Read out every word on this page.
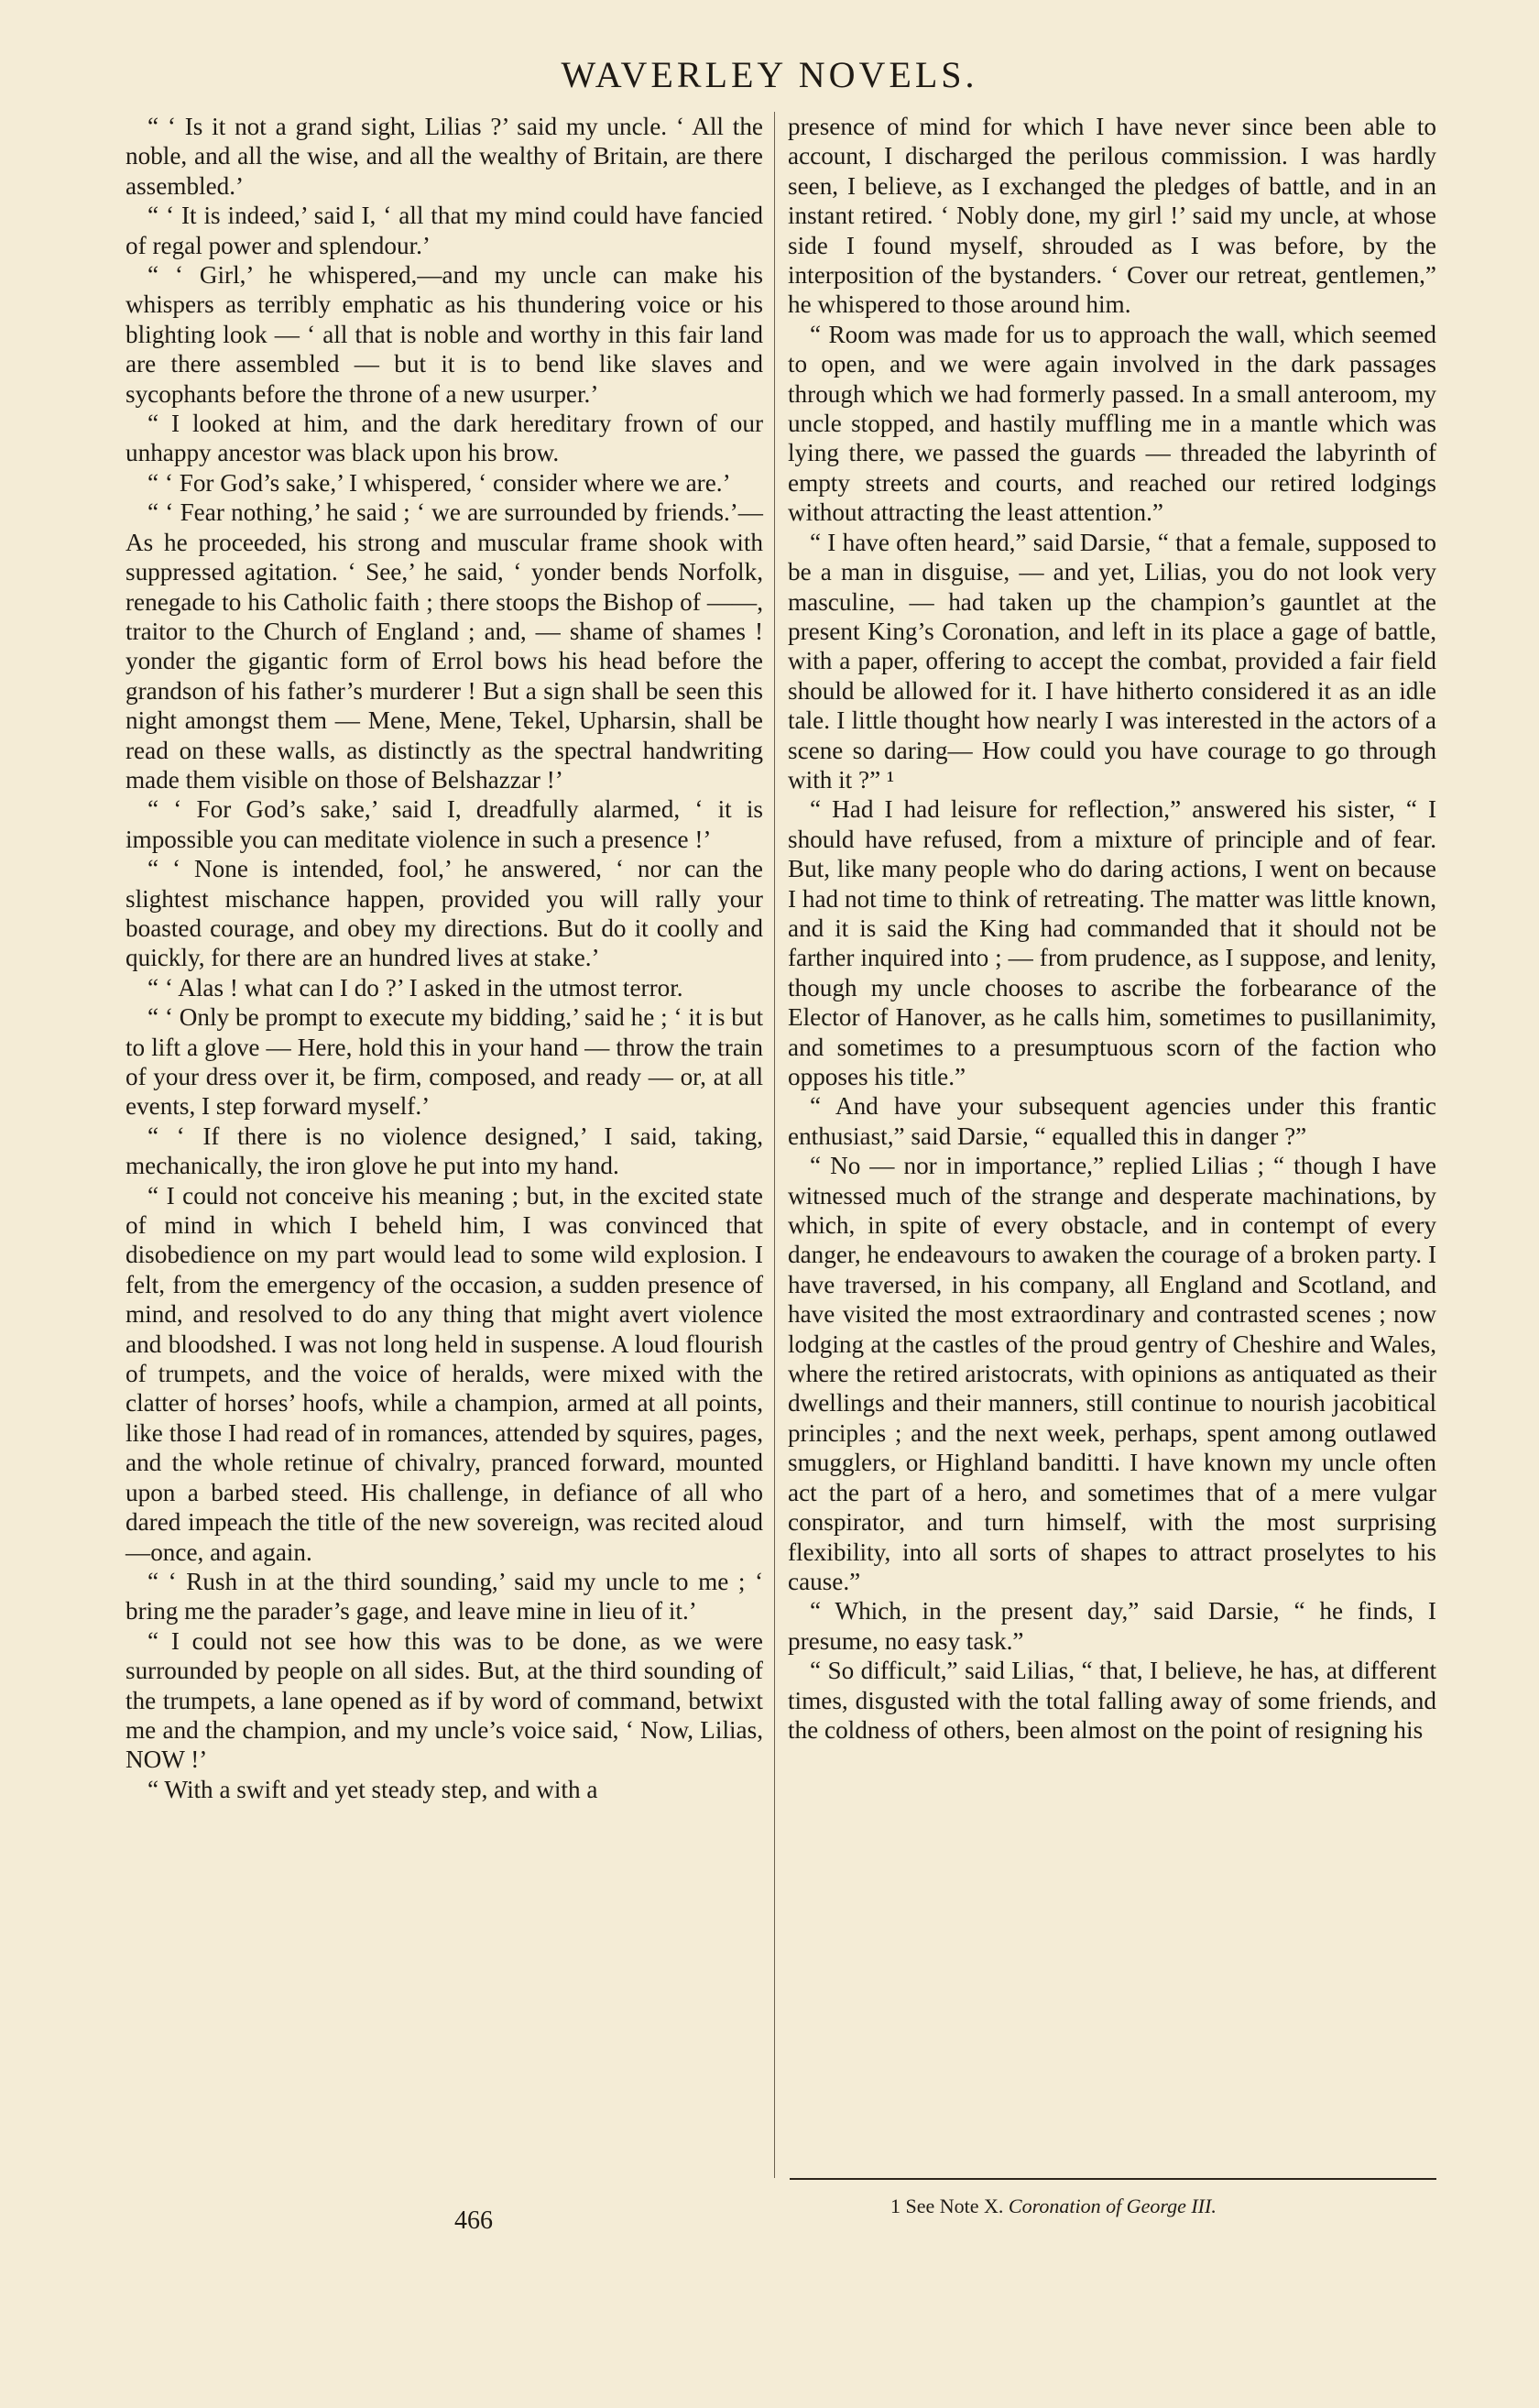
WAVERLEY NOVELS.

“ ‘ Is it not a grand sight, Lilias ?’ said my uncle. ‘ All the noble, and all the wise, and all the wealthy of Britain, are there assembled.’

“ ‘ It is indeed,’ said I, ‘ all that my mind could have fancied of regal power and splendour.’

“ ‘ Girl,’ he whispered,—and my uncle can make his whispers as terribly emphatic as his thundering voice or his blighting look — ‘ all that is noble and worthy in this fair land are there assembled — but it is to bend like slaves and sycophants before the throne of a new usurper.’

“ I looked at him, and the dark hereditary frown of our unhappy ancestor was black upon his brow.

“ ‘ For God’s sake,’ I whispered, ‘ consider where we are.’

“ ‘ Fear nothing,’ he said ; ‘ we are surrounded by friends.’—As he proceeded, his strong and muscular frame shook with suppressed agitation. ‘ See,’ he said, ‘ yonder bends Norfolk, renegade to his Catholic faith ; there stoops the Bishop of ——, traitor to the Church of England ; and, — shame of shames ! yonder the gigantic form of Errol bows his head before the grandson of his father’s murderer ! But a sign shall be seen this night amongst them — Mene, Mene, Tekel, Upharsin, shall be read on these walls, as distinctly as the spectral handwriting made them visible on those of Belshazzar !’

“ ‘ For God’s sake,’ said I, dreadfully alarmed, ‘ it is impossible you can meditate violence in such a presence !’

“ ‘ None is intended, fool,’ he answered, ‘ nor can the slightest mischance happen, provided you will rally your boasted courage, and obey my directions. But do it coolly and quickly, for there are an hundred lives at stake.’

“ ‘ Alas ! what can I do ?’ I asked in the utmost terror.

“ ‘ Only be prompt to execute my bidding,’ said he ; ‘ it is but to lift a glove — Here, hold this in your hand — throw the train of your dress over it, be firm, composed, and ready — or, at all events, I step forward myself.’

“ ‘ If there is no violence designed,’ I said, taking, mechanically, the iron glove he put into my hand.

“ I could not conceive his meaning ; but, in the excited state of mind in which I beheld him, I was convinced that disobedience on my part would lead to some wild explosion. I felt, from the emergency of the occasion, a sudden presence of mind, and resolved to do any thing that might avert violence and bloodshed. I was not long held in suspense. A loud flourish of trumpets, and the voice of heralds, were mixed with the clatter of horses’ hoofs, while a champion, armed at all points, like those I had read of in romances, attended by squires, pages, and the whole retinue of chivalry, pranced forward, mounted upon a barbed steed. His challenge, in defiance of all who dared impeach the title of the new sovereign, was recited aloud—once, and again.

“ ‘ Rush in at the third sounding,’ said my uncle to me ; ‘ bring me the parader’s gage, and leave mine in lieu of it.’

“ I could not see how this was to be done, as we were surrounded by people on all sides. But, at the third sounding of the trumpets, a lane opened as if by word of command, betwixt me and the champion, and my uncle’s voice said, ‘ Now, Lilias, NOW !’

“ With a swift and yet steady step, and with a

presence of mind for which I have never since been able to account, I discharged the perilous commission. I was hardly seen, I believe, as I exchanged the pledges of battle, and in an instant retired. ‘ Nobly done, my girl !’ said my uncle, at whose side I found myself, shrouded as I was before, by the interposition of the bystanders. ‘ Cover our retreat, gentlemen,” he whispered to those around him.

“ Room was made for us to approach the wall, which seemed to open, and we were again involved in the dark passages through which we had formerly passed. In a small anteroom, my uncle stopped, and hastily muffling me in a mantle which was lying there, we passed the guards — threaded the labyrinth of empty streets and courts, and reached our retired lodgings without attracting the least attention.”

“ I have often heard,” said Darsie, “ that a female, supposed to be a man in disguise, — and yet, Lilias, you do not look very masculine, — had taken up the champion’s gauntlet at the present King’s Coronation, and left in its place a gage of battle, with a paper, offering to accept the combat, provided a fair field should be allowed for it. I have hitherto considered it as an idle tale. I little thought how nearly I was interested in the actors of a scene so daring— How could you have courage to go through with it ?” ¹

“ Had I had leisure for reflection,” answered his sister, “ I should have refused, from a mixture of principle and of fear. But, like many people who do daring actions, I went on because I had not time to think of retreating. The matter was little known, and it is said the King had commanded that it should not be farther inquired into ; — from prudence, as I suppose, and lenity, though my uncle chooses to ascribe the forbearance of the Elector of Hanover, as he calls him, sometimes to pusillanimity, and sometimes to a presumptuous scorn of the faction who opposes his title.”

“ And have your subsequent agencies under this frantic enthusiast,” said Darsie, “ equalled this in danger ?”

“ No — nor in importance,” replied Lilias ; “ though I have witnessed much of the strange and desperate machinations, by which, in spite of every obstacle, and in contempt of every danger, he endeavours to awaken the courage of a broken party. I have traversed, in his company, all England and Scotland, and have visited the most extraordinary and contrasted scenes ; now lodging at the castles of the proud gentry of Cheshire and Wales, where the retired aristocrats, with opinions as antiquated as their dwellings and their manners, still continue to nourish jacobitical principles ; and the next week, perhaps, spent among outlawed smugglers, or Highland banditti. I have known my uncle often act the part of a hero, and sometimes that of a mere vulgar conspirator, and turn himself, with the most surprising flexibility, into all sorts of shapes to attract proselytes to his cause.”

“ Which, in the present day,” said Darsie, “ he finds, I presume, no easy task.”

“ So difficult,” said Lilias, “ that, I believe, he has, at different times, disgusted with the total falling away of some friends, and the coldness of others, been almost on the point of resigning his

1 See Note X. Coronation of George III.
466
